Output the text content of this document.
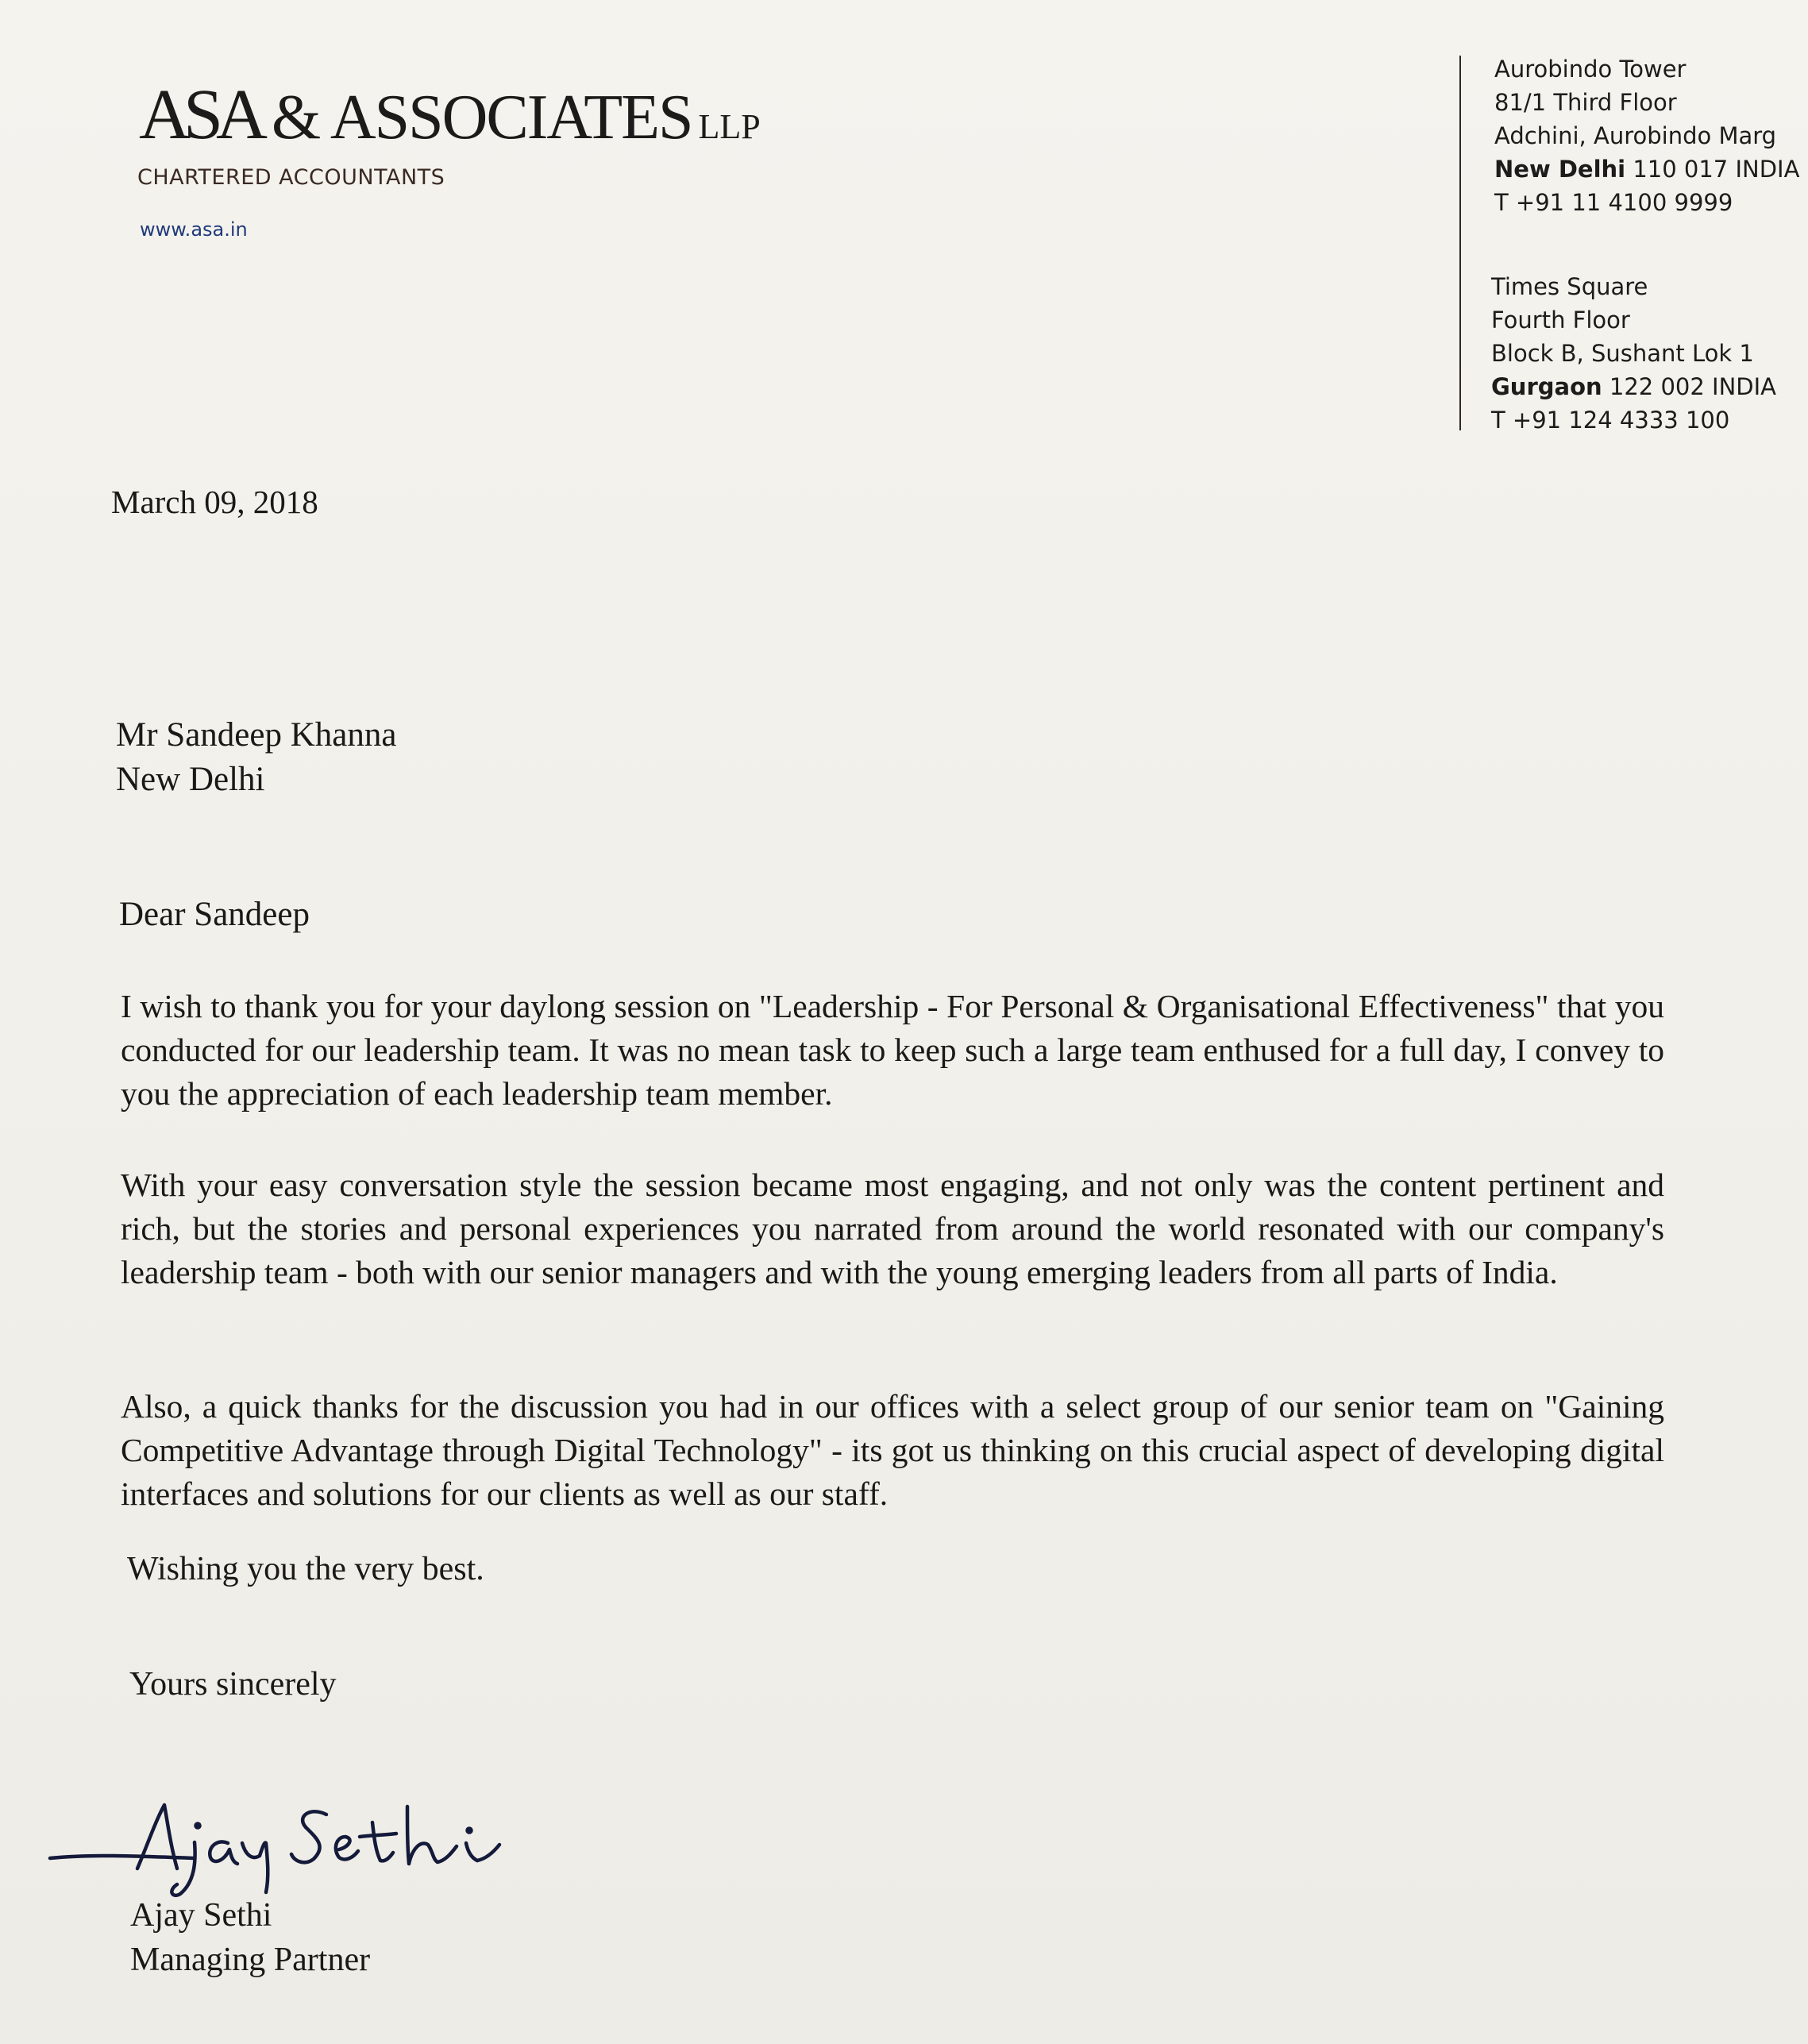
ASA & ASSOCIATES LLP
CHARTERED ACCOUNTANTS
www.asa.in
Aurobindo Tower
81/1 Third Floor
Adchini, Aurobindo Marg
New Delhi 110 017 INDIA
T +91 11 4100 9999
Times Square
Fourth Floor
Block B, Sushant Lok 1
Gurgaon 122 002 INDIA
T +91 124 4333 100
March 09, 2018
Mr Sandeep Khanna
New Delhi
Dear Sandeep

I wish to thank you for your daylong session on "Leadership - For Personal & Organisational Effectiveness" that you conducted for our leadership team. It was no mean task to keep such a large team enthused for a full day, I convey to you the appreciation of each leadership team member.

With your easy conversation style the session became most engaging, and not only was the content pertinent and rich, but the stories and personal experiences you narrated from around the world resonated with our company's leadership team - both with our senior managers and with the young emerging leaders from all parts of India.

Also, a quick thanks for the discussion you had in our offices with a select group of our senior team on "Gaining Competitive Advantage through Digital Technology" - its got us thinking on this crucial aspect of developing digital interfaces and solutions for our clients as well as our staff.

Wishing you the very best.
Yours sincerely
Ajay Sethi
Managing Partner
